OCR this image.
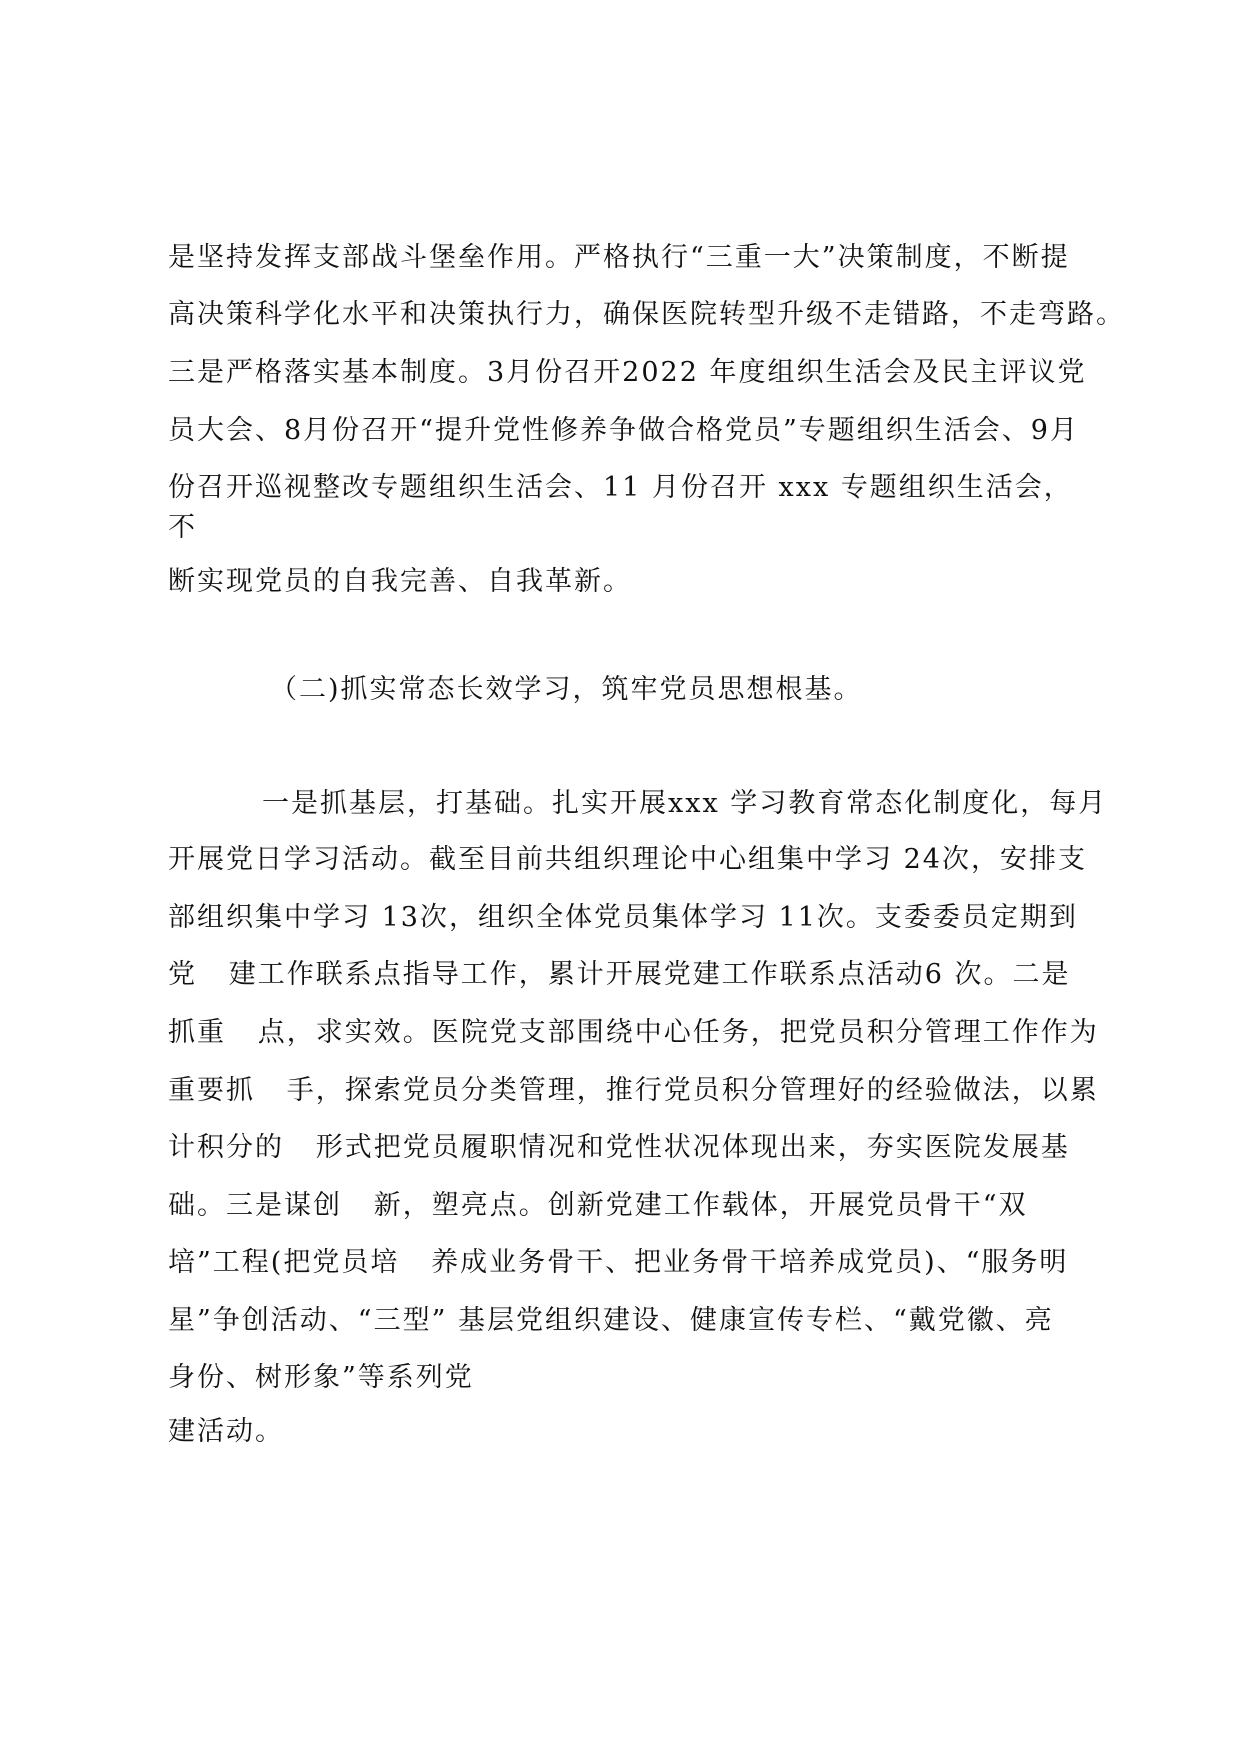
是坚持发挥支部战斗堡垒作用。严格执行“三重一大”决策制度，不断提
高决策科学化水平和决策执行力，确保医院转型升级不走错路，不走弯路。
三是严格落实基本制度。3月份召开2022 年度组织生活会及民主评议党
员大会、8月份召开“提升党性修养争做合格党员”专题组织生活会、9月
份召开巡视整改专题组织生活会、11 月份召开 xxx 专题组织生活会，
不
断实现党员的自我完善、自我革新。
（二)抓实常态长效学习，筑牢党员思想根基。
一是抓基层，打基础。扎实开展xxx 学习教育常态化制度化，每月
开展党日学习活动。截至目前共组织理论中心组集中学习 24次，安排支
部组织集中学习 13次，组织全体党员集体学习 11次。支委委员定期到
党   建工作联系点指导工作，累计开展党建工作联系点活动6 次。二是
抓重   点，求实效。医院党支部围绕中心任务，把党员积分管理工作作为
重要抓   手，探索党员分类管理，推行党员积分管理好的经验做法，以累
计积分的   形式把党员履职情况和党性状况体现出来，夯实医院发展基
础。三是谋创   新，塑亮点。创新党建工作载体，开展党员骨干“双
培”工程(把党员培   养成业务骨干、把业务骨干培养成党员)、“服务明
星”争创活动、“三型” 基层党组织建设、健康宣传专栏、“戴党徽、亮
身份、树形象”等系列党
建活动。
